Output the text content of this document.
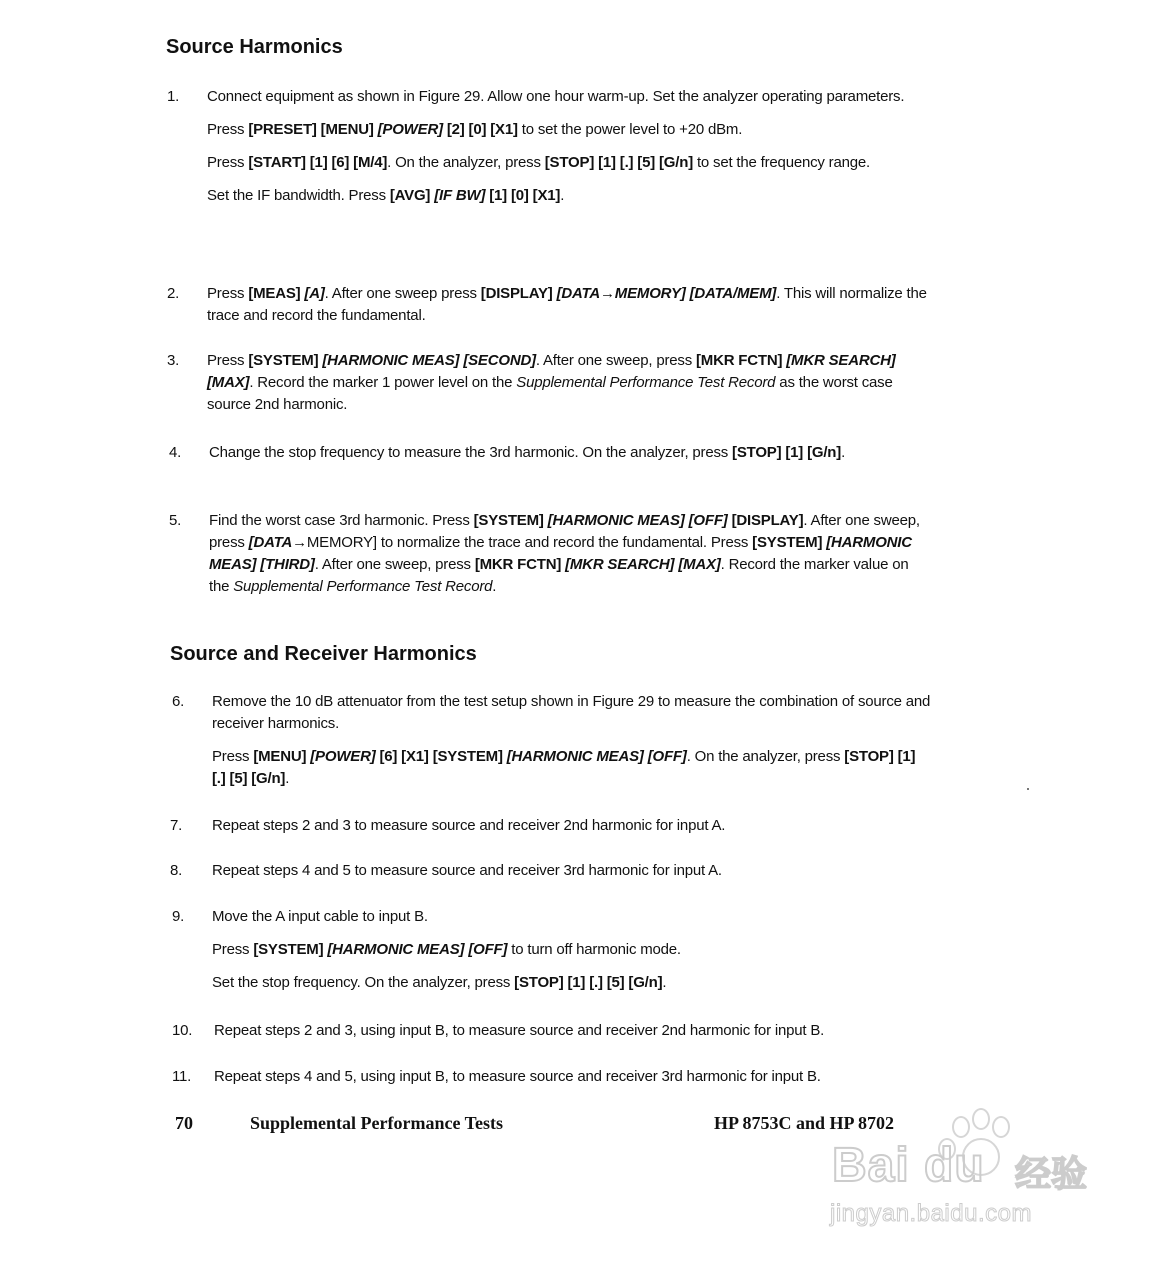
Source Harmonics
1. Connect equipment as shown in Figure 29. Allow one hour warm-up. Set the analyzer operating parameters.

Press [PRESET] [MENU] [POWER] [2] [0] [X1] to set the power level to +20 dBm.

Press [START] [1] [6] [M/4]. On the analyzer, press [STOP] [1] [.] [5] [G/n] to set the frequency range.

Set the IF bandwidth. Press [AVG] [IF BW] [1] [0] [X1].

2. Press [MEAS] [A]. After one sweep press [DISPLAY] [DATA→MEMORY] [DATA/MEM]. This will normalize the trace and record the fundamental.

3. Press [SYSTEM] [HARMONIC MEAS] [SECOND]. After one sweep, press [MKR FCTN] [MKR SEARCH] [MAX]. Record the marker 1 power level on the Supplemental Performance Test Record as the worst case source 2nd harmonic.

4. Change the stop frequency to measure the 3rd harmonic. On the analyzer, press [STOP] [1] [G/n].

5. Find the worst case 3rd harmonic. Press [SYSTEM] [HARMONIC MEAS] [OFF] [DISPLAY]. After one sweep, press [DATA→MEMORY] to normalize the trace and record the fundamental. Press [SYSTEM] [HARMONIC MEAS] [THIRD]. After one sweep, press [MKR FCTN] [MKR SEARCH] [MAX]. Record the marker value on the Supplemental Performance Test Record.

Source and Receiver Harmonics
6. Remove the 10 dB attenuator from the test setup shown in Figure 29 to measure the combination of source and receiver harmonics.

Press [MENU] [POWER] [6] [X1] [SYSTEM] [HARMONIC MEAS] [OFF]. On the analyzer, press [STOP] [1] [.] [5] [G/n].

7. Repeat steps 2 and 3 to measure source and receiver 2nd harmonic for input A.

8. Repeat steps 4 and 5 to measure source and receiver 3rd harmonic for input A.

9. Move the A input cable to input B.

Press [SYSTEM] [HARMONIC MEAS] [OFF] to turn off harmonic mode.

Set the stop frequency. On the analyzer, press [STOP] [1] [.] [5] [G/n].

10. Repeat steps 2 and 3, using input B, to measure source and receiver 2nd harmonic for input B.

11. Repeat steps 4 and 5, using input B, to measure source and receiver 3rd harmonic for input B.

70	Supplemental Performance Tests	HP 8753C and HP 8702
Bai du 经验
jingyan.baidu.com
